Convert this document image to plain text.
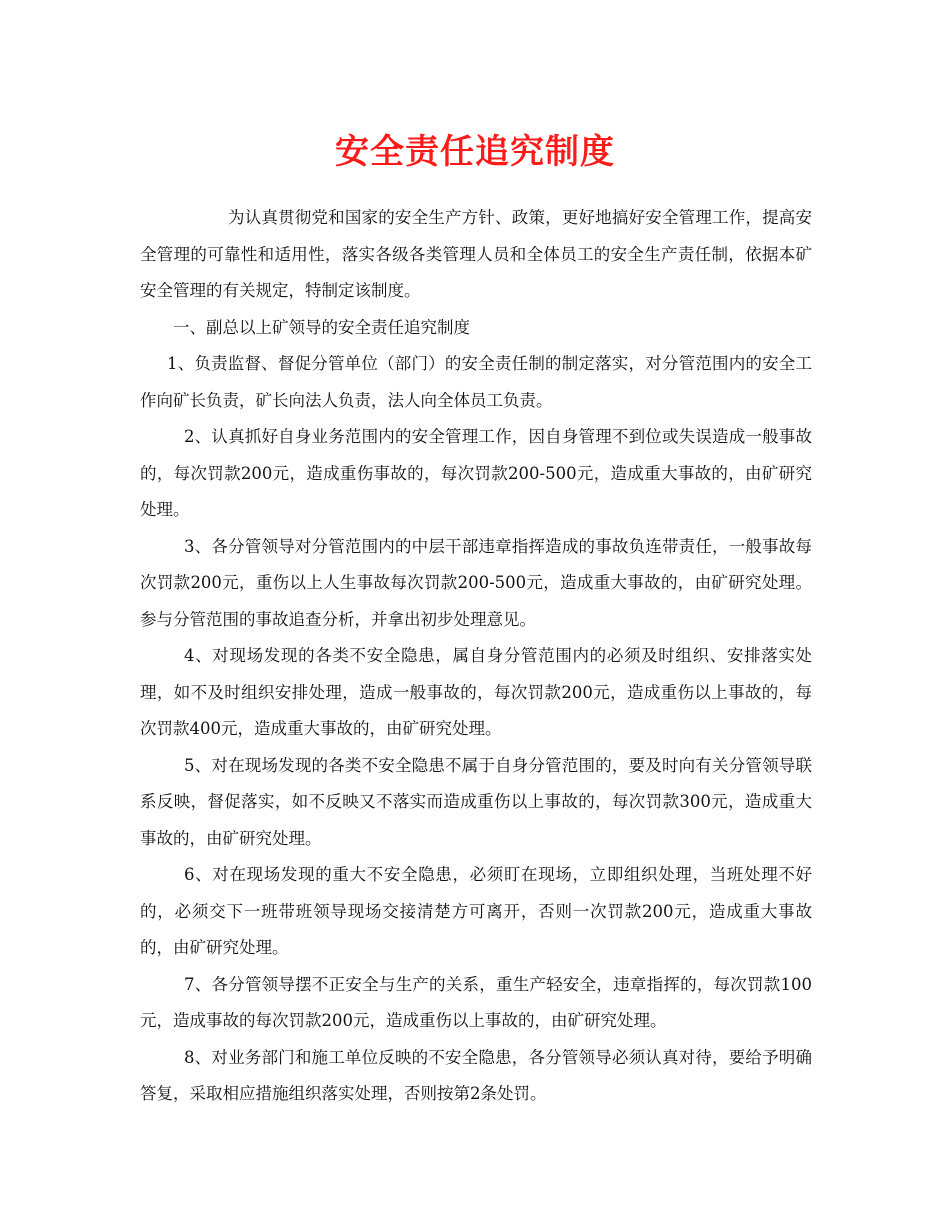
安全责任追究制度

为认真贯彻党和国家的安全生产方针、政策，更好地搞好安全管理工作，提高安全管理的可靠性和适用性，落实各级各类管理人员和全体员工的安全生产责任制，依据本矿安全管理的有关规定，特制定该制度。

一、副总以上矿领导的安全责任追究制度

1、负责监督、督促分管单位（部门）的安全责任制的制定落实，对分管范围内的安全工作向矿长负责，矿长向法人负责，法人向全体员工负责。

2、认真抓好自身业务范围内的安全管理工作，因自身管理不到位或失误造成一般事故的，每次罚款200元，造成重伤事故的，每次罚款200-500元，造成重大事故的，由矿研究处理。

3、各分管领导对分管范围内的中层干部违章指挥造成的事故负连带责任，一般事故每次罚款200元，重伤以上人生事故每次罚款200-500元，造成重大事故的，由矿研究处理。参与分管范围的事故追查分析，并拿出初步处理意见。

4、对现场发现的各类不安全隐患，属自身分管范围内的必须及时组织、安排落实处理，如不及时组织安排处理，造成一般事故的，每次罚款200元，造成重伤以上事故的，每次罚款400元，造成重大事故的，由矿研究处理。

5、对在现场发现的各类不安全隐患不属于自身分管范围的，要及时向有关分管领导联系反映，督促落实，如不反映又不落实而造成重伤以上事故的，每次罚款300元，造成重大事故的，由矿研究处理。

6、对在现场发现的重大不安全隐患，必须盯在现场，立即组织处理，当班处理不好的，必须交下一班带班领导现场交接清楚方可离开，否则一次罚款200元，造成重大事故的，由矿研究处理。

7、各分管领导摆不正安全与生产的关系，重生产轻安全，违章指挥的，每次罚款100元，造成事故的每次罚款200元，造成重伤以上事故的，由矿研究处理。

8、对业务部门和施工单位反映的不安全隐患，各分管领导必须认真对待，要给予明确答复，采取相应措施组织落实处理，否则按第2条处罚。
